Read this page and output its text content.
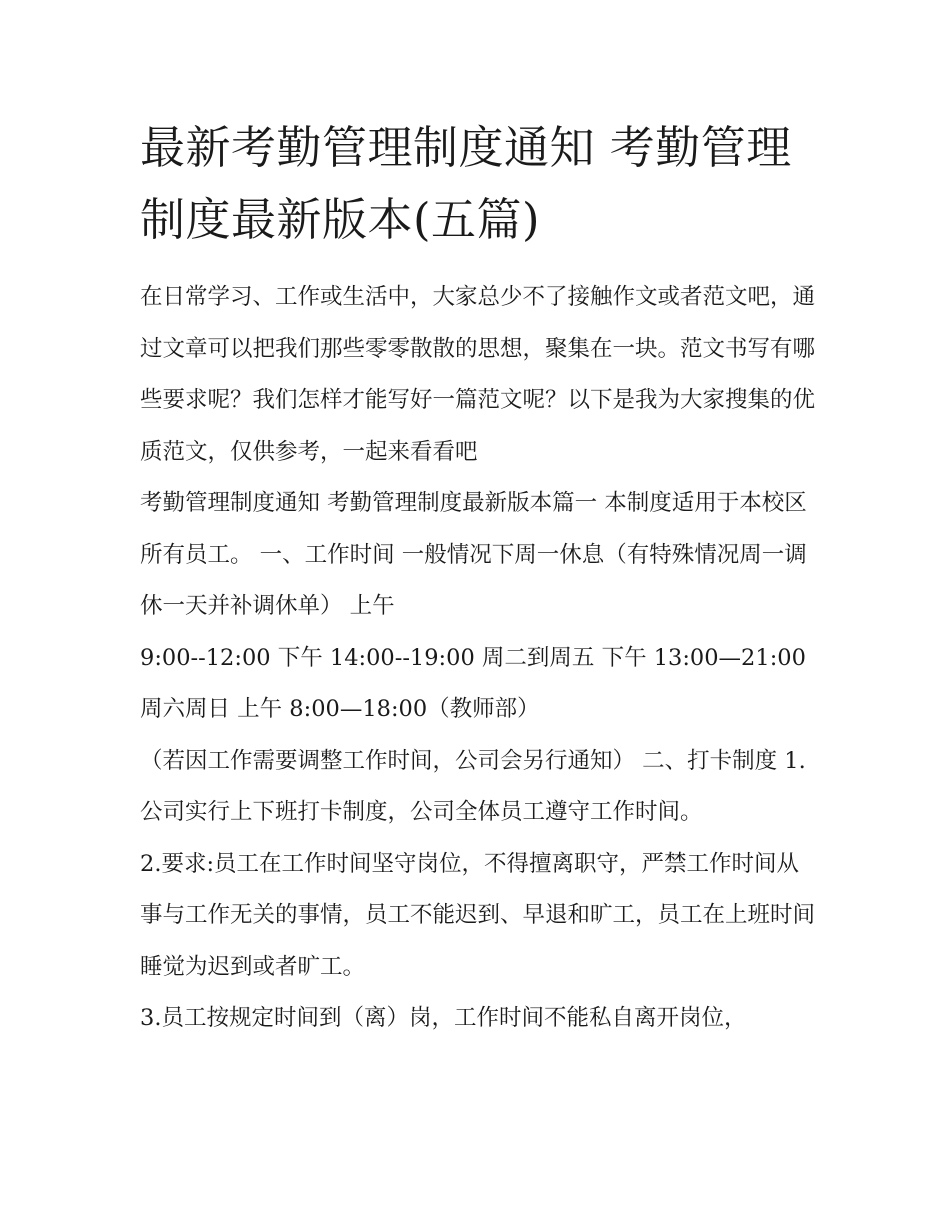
最新考勤管理制度通知 考勤管理制度最新版本(五篇)

在日常学习、工作或生活中，大家总少不了接触作文或者范文吧，通过文章可以把我们那些零零散散的思想，聚集在一块。范文书写有哪些要求呢？我们怎样才能写好一篇范文呢？以下是我为大家搜集的优质范文，仅供参考，一起来看看吧

考勤管理制度通知 考勤管理制度最新版本篇一 本制度适用于本校区所有员工。 一、工作时间 一般情况下周一休息（有特殊情况周一调休一天并补调休单） 上午

9:00--12:00 下午 14:00--19:00 周二到周五 下午 13:00—21:00 周六周日 上午 8:00—18:00（教师部）

（若因工作需要调整工作时间，公司会另行通知） 二、打卡制度 1.公司实行上下班打卡制度，公司全体员工遵守工作时间。

2.要求:员工在工作时间坚守岗位，不得擅离职守，严禁工作时间从事与工作无关的事情，员工不能迟到、早退和旷工，员工在上班时间睡觉为迟到或者旷工。

3.员工按规定时间到（离）岗，工作时间不能私自离开岗位，
